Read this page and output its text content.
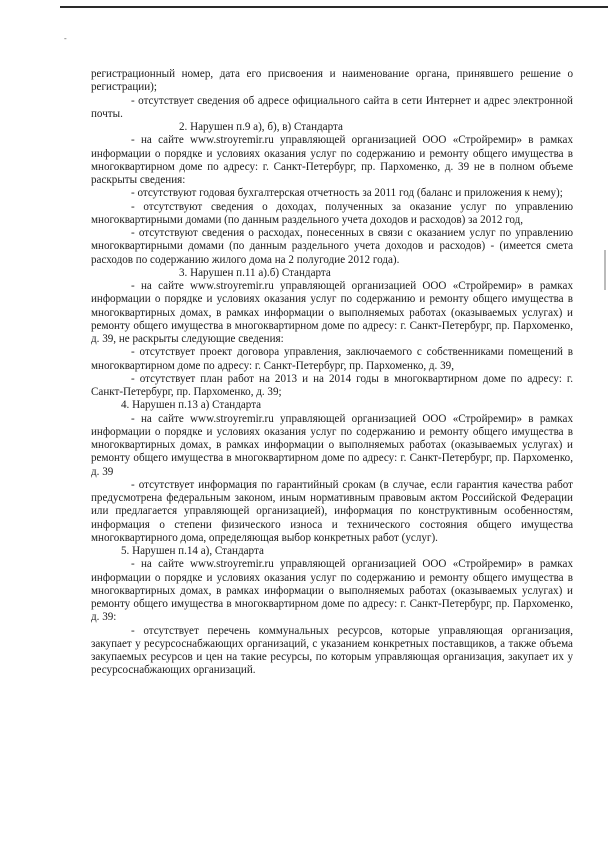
-

регистрационный номер, дата его присвоения и наименование органа, принявшего решение о регистрации);

- отсутствует сведения об адресе официального сайта в сети Интернет и адрес электронной почты.

2. Нарушен п.9 а), б), в) Стандарта

- на сайте www.stroyremir.ru управляющей организацией ООО «Стройремир» в рамках информации о порядке и условиях оказания услуг по содержанию и ремонту общего имущества в многоквартирном доме по адресу: г. Санкт-Петербург, пр. Пархоменко, д. 39 не в полном объеме раскрыты сведения:

- отсутствуют годовая бухгалтерская отчетность за 2011 год (баланс и приложения к нему);

- отсутствуют сведения о доходах, полученных за оказание услуг по управлению многоквартирными домами (по данным раздельного учета доходов и расходов) за 2012 год,

- отсутствуют сведения о расходах, понесенных в связи с оказанием услуг по управлению многоквартирными домами (по данным раздельного учета доходов и расходов) - (имеется смета расходов по содержанию жилого дома на 2 полугодие 2012 года).

3. Нарушен п.11 а).б) Стандарта

- на сайте www.stroyremir.ru управляющей организацией ООО «Стройремир» в рамках информации о порядке и условиях оказания услуг по содержанию и ремонту общего имущества в многоквартирных домах, в рамках информации о выполняемых работах (оказываемых услугах) и ремонту общего имущества в многоквартирном доме по адресу: г. Санкт-Петербург, пр. Пархоменко, д. 39, не раскрыты следующие сведения:

- отсутствует проект договора управления, заключаемого с собственниками помещений в многоквартирном доме по адресу: г. Санкт-Петербург, пр. Пархоменко, д. 39,

- отсутствует план работ на 2013 и на 2014 годы в многоквартирном доме по адресу: г. Санкт-Петербург, пр. Пархоменко, д. 39;

4. Нарушен п.13 а) Стандарта

- на сайте www.stroyremir.ru управляющей организацией ООО «Стройремир» в рамках информации о порядке и условиях оказания услуг по содержанию и ремонту общего имущества в многоквартирных домах, в рамках информации о выполняемых работах (оказываемых услугах) и ремонту общего имущества в многоквартирном доме по адресу: г. Санкт-Петербург, пр. Пархоменко, д. 39

- отсутствует информация по гарантийный срокам (в случае, если гарантия качества работ предусмотрена федеральным законом, иным нормативным правовым актом Российской Федерации или предлагается управляющей организацией), информация по конструктивным особенностям, информация о степени физического износа и технического состояния общего имущества многоквартирного дома, определяющая выбор конкретных работ (услуг).

5. Нарушен п.14 а), Стандарта

- на сайте www.stroyremir.ru управляющей организацией ООО «Стройремир» в рамках информации о порядке и условиях оказания услуг по содержанию и ремонту общего имущества в многоквартирных домах, в рамках информации о выполняемых работах (оказываемых услугах) и ремонту общего имущества в многоквартирном доме по адресу: г. Санкт-Петербург, пр. Пархоменко, д. 39:

- отсутствует перечень коммунальных ресурсов, которые управляющая организация, закупает у ресурсоснабжающих организаций, с указанием конкретных поставщиков, а также объема закупаемых ресурсов и цен на такие ресурсы, по которым управляющая организация, закупает их у ресурсоснабжающих организаций.
